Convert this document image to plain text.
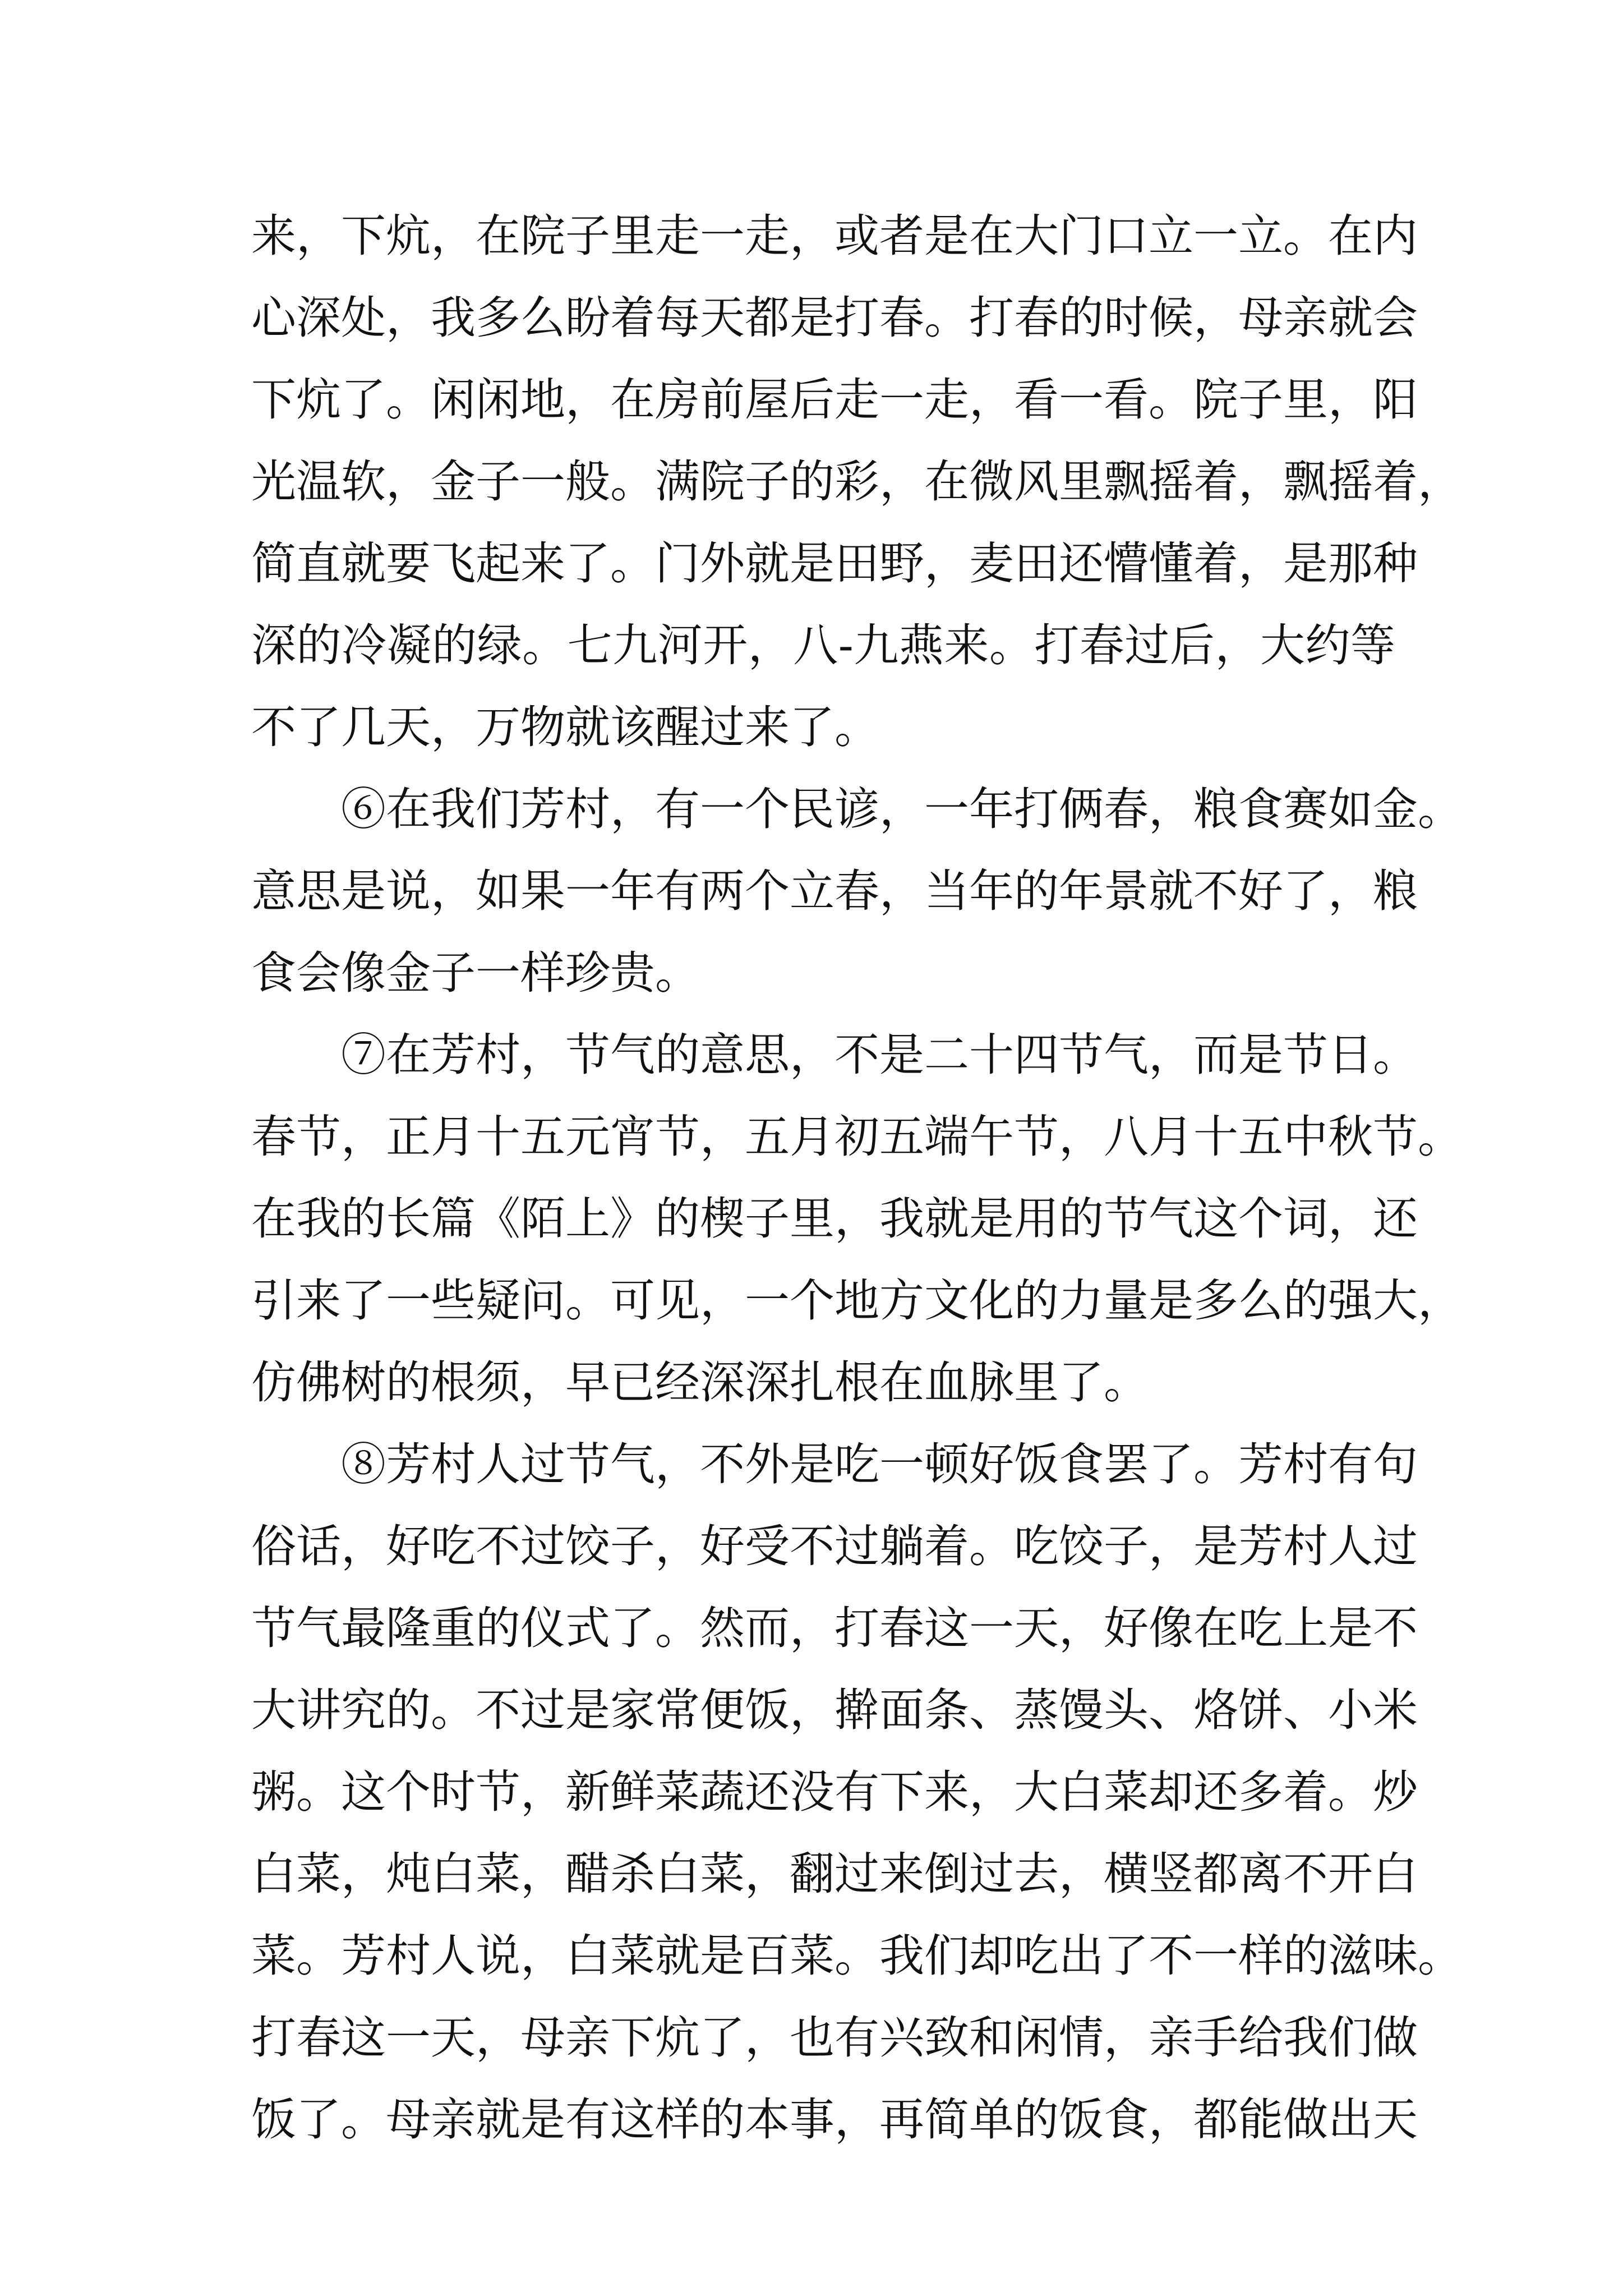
来，下炕，在院子里走一走，或者是在大门口立一立。在内
心深处，我多么盼着每天都是打春。打春的时候，母亲就会
下炕了。闲闲地，在房前屋后走一走，看一看。院子里，阳
光温软，金子一般。满院子的彩，在微风里飘摇着，飘摇着，
简直就要飞起来了。门外就是田野，麦田还懵懂着，是那种
深的冷凝的绿。七九河开，八-九燕来。打春过后，大约等
不了几天，万物就该醒过来了。
⑥在我们芳村，有一个民谚，一年打俩春，粮食赛如金。
意思是说，如果一年有两个立春，当年的年景就不好了，粮
食会像金子一样珍贵。
⑦在芳村，节气的意思，不是二十四节气，而是节日。
春节，正月十五元宵节，五月初五端午节，八月十五中秋节。
在我的长篇《陌上》的楔子里，我就是用的节气这个词，还
引来了一些疑问。可见，一个地方文化的力量是多么的强大，
仿佛树的根须，早已经深深扎根在血脉里了。
⑧芳村人过节气，不外是吃一顿好饭食罢了。芳村有句
俗话，好吃不过饺子，好受不过躺着。吃饺子，是芳村人过
节气最隆重的仪式了。然而，打春这一天，好像在吃上是不
大讲究的。不过是家常便饭，擀面条、蒸馒头、烙饼、小米
粥。这个时节，新鲜菜蔬还没有下来，大白菜却还多着。炒
白菜，炖白菜，醋杀白菜，翻过来倒过去，横竖都离不开白
菜。芳村人说，白菜就是百菜。我们却吃出了不一样的滋味。
打春这一天，母亲下炕了，也有兴致和闲情，亲手给我们做
饭了。母亲就是有这样的本事，再简单的饭食，都能做出天
